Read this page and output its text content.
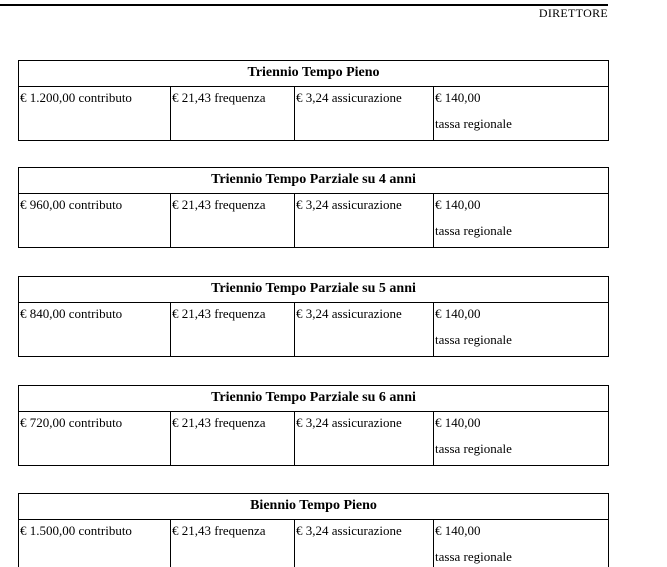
DIRETTORE
Triennio Tempo Pieno
€ 1.200,00 contributo	€ 21,43 frequenza	€ 3,24 assicurazione	€ 140,00
tassa regionale
Triennio Tempo Parziale su 4 anni
€ 960,00 contributo	€ 21,43 frequenza	€ 3,24 assicurazione	€ 140,00
tassa regionale
Triennio Tempo Parziale su 5 anni
€ 840,00 contributo	€ 21,43 frequenza	€ 3,24 assicurazione	€ 140,00
tassa regionale
Triennio Tempo Parziale su 6 anni
€ 720,00 contributo	€ 21,43 frequenza	€ 3,24 assicurazione	€ 140,00
tassa regionale
Biennio Tempo Pieno
€ 1.500,00 contributo	€ 21,43 frequenza	€ 3,24 assicurazione	€ 140,00
tassa regionale
